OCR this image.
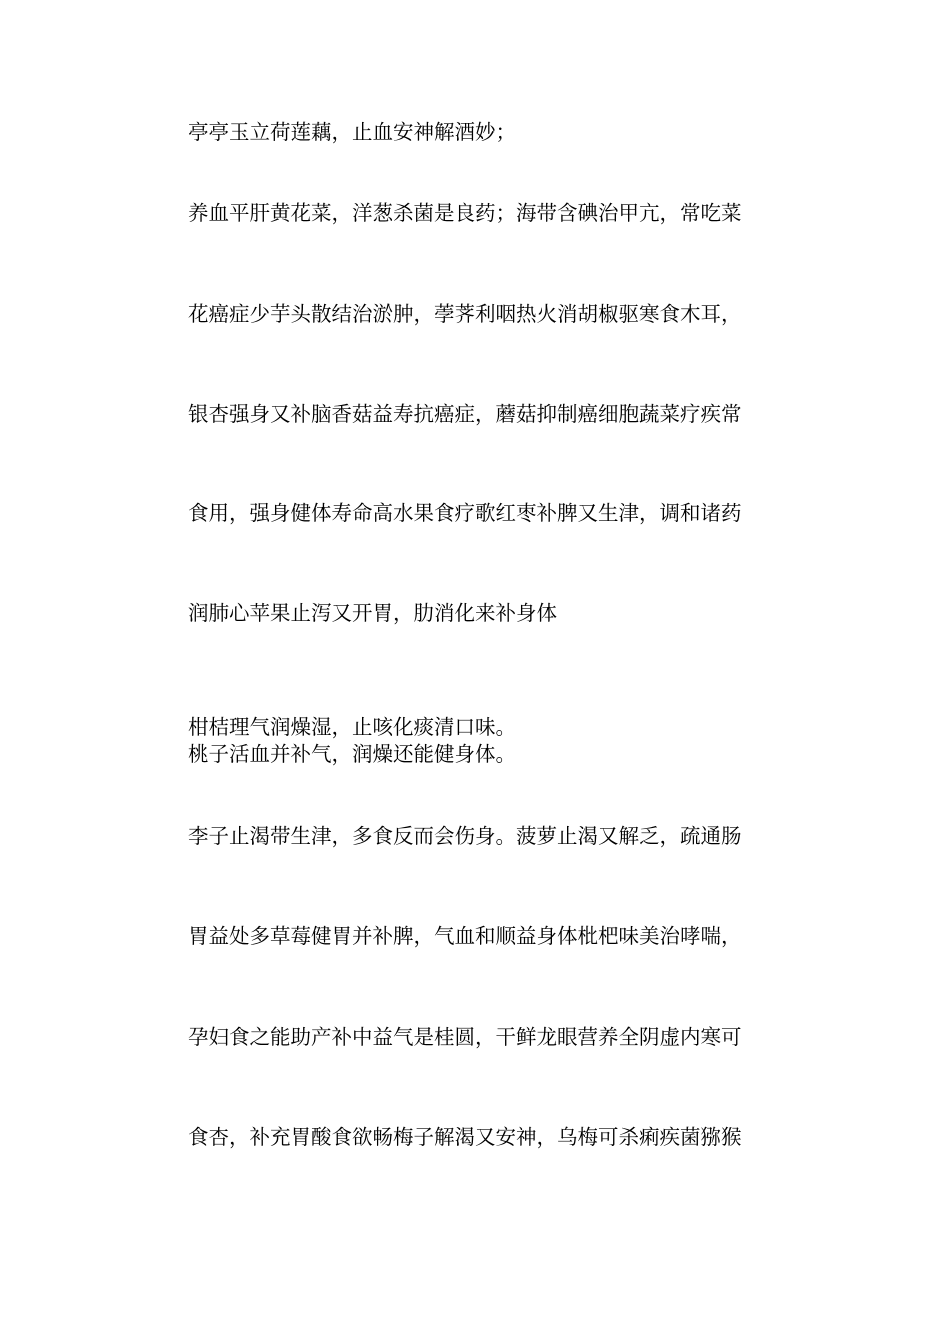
亭亭玉立荷莲藕，止血安神解酒妙；
养血平肝黄花菜，洋葱杀菌是良药；海带含碘治甲亢，常吃菜
花癌症少芋头散结治淤肿，荸荠利咽热火消胡椒驱寒食木耳，
银杏强身又补脑香菇益寿抗癌症，蘑菇抑制癌细胞蔬菜疗疾常
食用，强身健体寿命高水果食疗歌红枣补脾又生津，调和诸药
润肺心苹果止泻又开胃，肋消化来补身体
柑桔理气润燥湿，止咳化痰清口味。
桃子活血并补气，润燥还能健身体。
李子止渴带生津，多食反而会伤身。菠萝止渴又解乏，疏通肠
胃益处多草莓健胃并补脾，气血和顺益身体枇杷味美治哮喘，
孕妇食之能助产补中益气是桂圆，干鲜龙眼营养全阴虚内寒可
食杏，补充胃酸食欲畅梅子解渴又安神，乌梅可杀痢疾菌猕猴
